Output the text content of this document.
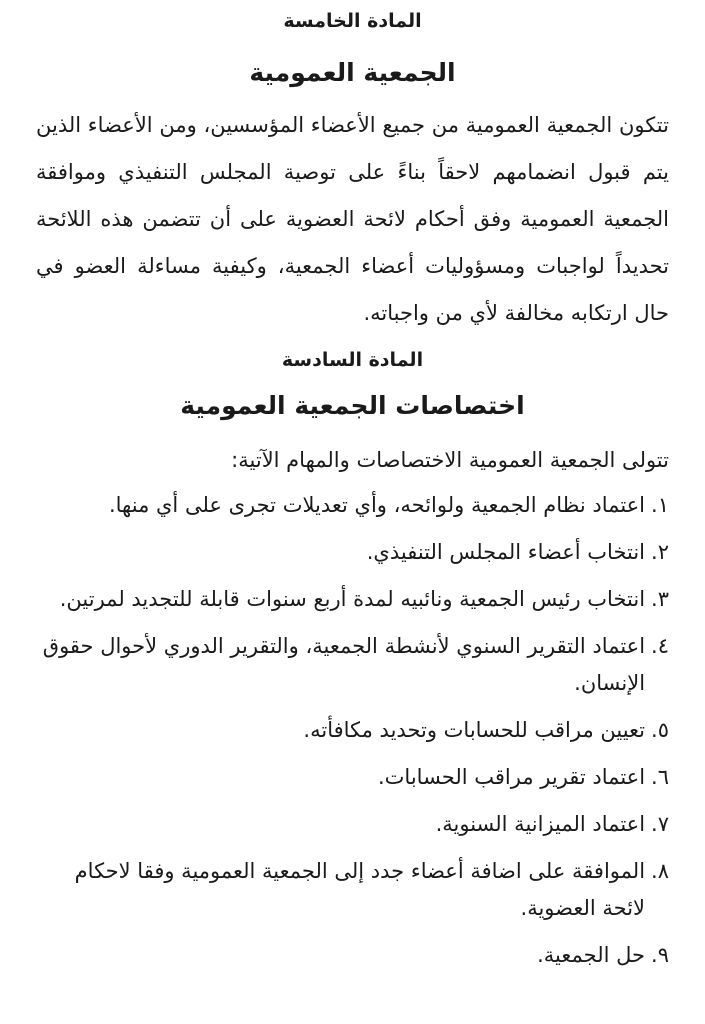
المادة الخامسة
الجمعية العمومية

تتكون الجمعية العمومية من جميع الأعضاء المؤسسين، ومن الأعضاء الذين يتم قبول انضمامهم لاحقاً بناءً على توصية المجلس التنفيذي وموافقة الجمعية العمومية وفق أحكام لائحة العضوية على أن تتضمن هذه اللائحة تحديداً لواجبات ومسؤوليات أعضاء الجمعية، وكيفية مساءلة العضو في حال ارتكابه مخالفة لأي من واجباته.

المادة السادسة
اختصاصات الجمعية العمومية

تتولى الجمعية العمومية الاختصاصات والمهام الآتية:

١.
اعتماد نظام الجمعية ولوائحه، وأي تعديلات تجرى على أي منها.
٢.
انتخاب أعضاء المجلس التنفيذي.
٣.
انتخاب رئيس الجمعية ونائبيه لمدة أربع سنوات قابلة للتجديد لمرتين.
٤.
اعتماد التقرير السنوي لأنشطة الجمعية، والتقرير الدوري لأحوال حقوق الإنسان.
٥.
تعيين مراقب للحسابات وتحديد مكافأته.
٦.
اعتماد تقرير مراقب الحسابات.
٧.
اعتماد الميزانية السنوية.
٨.
الموافقة على اضافة أعضاء جدد إلى الجمعية العمومية وفقا لاحكام لائحة العضوية.
٩.
حل الجمعية.
